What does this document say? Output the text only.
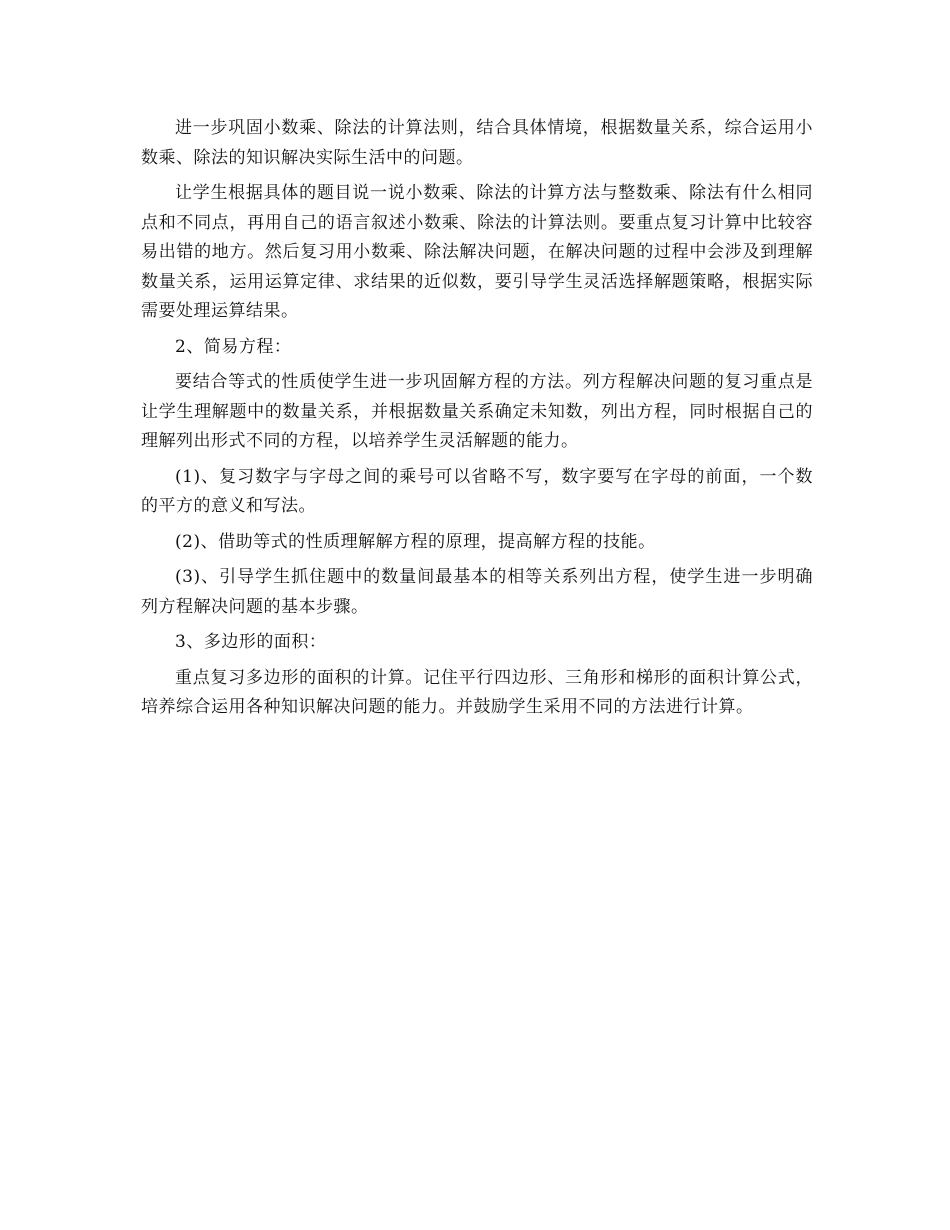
进一步巩固小数乘、除法的计算法则，结合具体情境，根据数量关系，综合运用小数乘、除法的知识解决实际生活中的问题。

让学生根据具体的题目说一说小数乘、除法的计算方法与整数乘、除法有什么相同点和不同点，再用自己的语言叙述小数乘、除法的计算法则。要重点复习计算中比较容易出错的地方。然后复习用小数乘、除法解决问题，在解决问题的过程中会涉及到理解数量关系，运用运算定律、求结果的近似数，要引导学生灵活选择解题策略，根据实际需要处理运算结果。

2、简易方程：

要结合等式的性质使学生进一步巩固解方程的方法。列方程解决问题的复习重点是让学生理解题中的数量关系，并根据数量关系确定未知数，列出方程，同时根据自己的理解列出形式不同的方程，以培养学生灵活解题的能力。

(1)、复习数字与字母之间的乘号可以省略不写，数字要写在字母的前面，一个数的平方的意义和写法。

(2)、借助等式的性质理解解方程的原理，提高解方程的技能。

(3)、引导学生抓住题中的数量间最基本的相等关系列出方程，使学生进一步明确列方程解决问题的基本步骤。

3、多边形的面积：

重点复习多边形的面积的计算。记住平行四边形、三角形和梯形的面积计算公式，培养综合运用各种知识解决问题的能力。并鼓励学生采用不同的方法进行计算。
